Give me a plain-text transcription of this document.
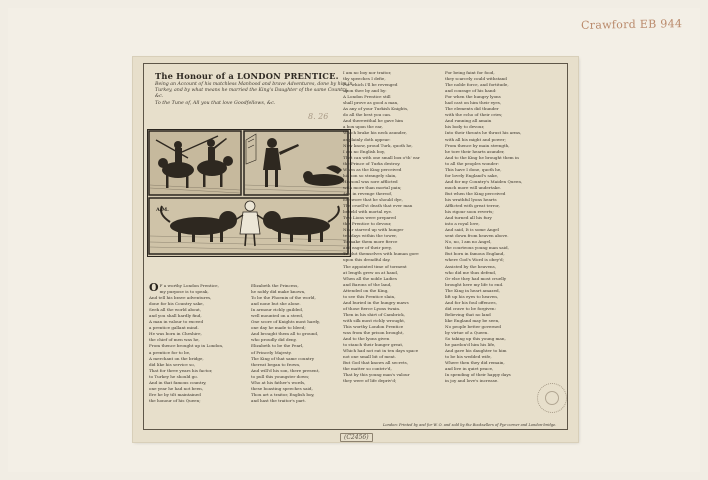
Crawford EB 944
The Honour of a LONDON PRENTICE.
Being an Account of his matchless Manhood and brave Adventures, done by him in Turkey, and by what means he married the King's Daughter of the same Country, &c.
To the Tune of, All you that love Goodfellows, &c.
8. 26
A.M.
O F a worthy London Prentice,
my purpose is to speak,
And tell his brave adventures,
done for his Country sake,
Seek all the world about,
and you shall hardly find,
A man in valour to exceed
a prentice gallant mind.
He was born in Cheshire,
the chief of men was he,
From thence brought up in London,
a prentice for to be,
A merchant on the bridge,
did like his service so,
That for three years his factor,
to Turkey he should go.
And in that famous country,
one year he had not been,
Ere he by tilt maintained
the honour of his Queen;
Elizabeth the Princess,
he nobly did make known,
To be the Phoenix of the world,
and none but she alone.
In armour richly guilded,
well mounted on a steed,
One score of Knights most hardy,
one day he made to bleed;
And brought them all to ground,
who proudly did deny,
Elizabeth to be the Pearl,
of Princely Majesty.
The King of that same country
thereat began to frown,
And will'd his son, there present,
to pull this youngster down;
Who at his father's words,
these boasting speeches said,
Thou art a traitor, English boy,
and hast the traitor's part.
I am no boy nor traitor,
thy speeches I defie,
For which I'll be revenged
upon thee by and by:
A London Prentice still
shall prove as good a man,
As any of your Turkish Knights,
do all the best you can.
And therewithal he gave him
a box upon the ear,
Which brake his neck asunder,
as plainly doth appear:
Now know, proud Turk, quoth he,
I am no English boy,
That can with one small box o'th' ear
the Prince of Turks destroy.
When as the King perceived
his son so strangely slain,
His soul was sore afflicted
with more than mortal pain;
And in revenge thereof,
he swore that he should dye,
The cruell'st death that ever man
beheld with mortal eye.
Two Lions were prepared
this Prentice to devour,
Near starved up with hunger
ten days within the tower,
To make them more fierce
and eager of their prey,
To glut themselves with human gore
upon this dreadful day.
The appointed time of torment
at length grew on at hand,
When all the noble Ladies
and Barons of the land,
Attended on the King,
to see this Prentice slain,
And buried in the hungry maws
of those fierce Lyons twain.
Then in his shirt of Cambrick,
with silk most richly wrought,
This worthy London Prentice
was from the prison brought,
And to the lyons given
to stanch their hunger great,
Which had not eat in ten days space
not one small bit of meat.
But God that knows all secrets,
the matter so contriv'd,
That by this young man's valour
they were of life depriv'd;
For being faint for food,
they scarcely could withstand
The noble force, and fortitude,
and courage of his hand:
For when the hungry lyons
had cast on him their eyes,
The elements did thunder
with the echo of their cries;
And running all amain
his body to devour,
Into their throats he thrust his arms,
with all his might and power;
From thence by main strength,
he tore their hearts asunder,
And to the King he brought them in
to all the peoples wonder:
This have I done, quoth he,
for lovely England's sake,
And for my Country's Maiden Queen,
much more will undertake.
But when the King perceived
his wrathful lyons hearts
Afflicted with great terror,
his rigour soon reverts;
And turned all his fury
into a royal love,
And said, It is some Angel
sent down from heaven above.
No, no, I am no Angel,
the courteous young man said,
But born in famous England,
where God's Word is obey'd;
Assisted by the heavens,
who did me thus defend,
Or else they had most cruelly
brought here my life to end.
The King in heart amazed,
lift up his eyes to heaven,
And for his foul offences,
did crave to be forgiven:
Believing that no land
like England may be seen,
No people better governed
by virtue of a Queen.
So taking up this young man,
he pardon'd him his life,
And gave his daughter to him
to be his wedded wife,
Where then they did remain,
and live in quiet peace,
In spending of their happy days
in joy and love's increase.
London: Printed by and for W. O. and sold by the Booksellers of Pye-corner and London-bridge.
(C2456)
